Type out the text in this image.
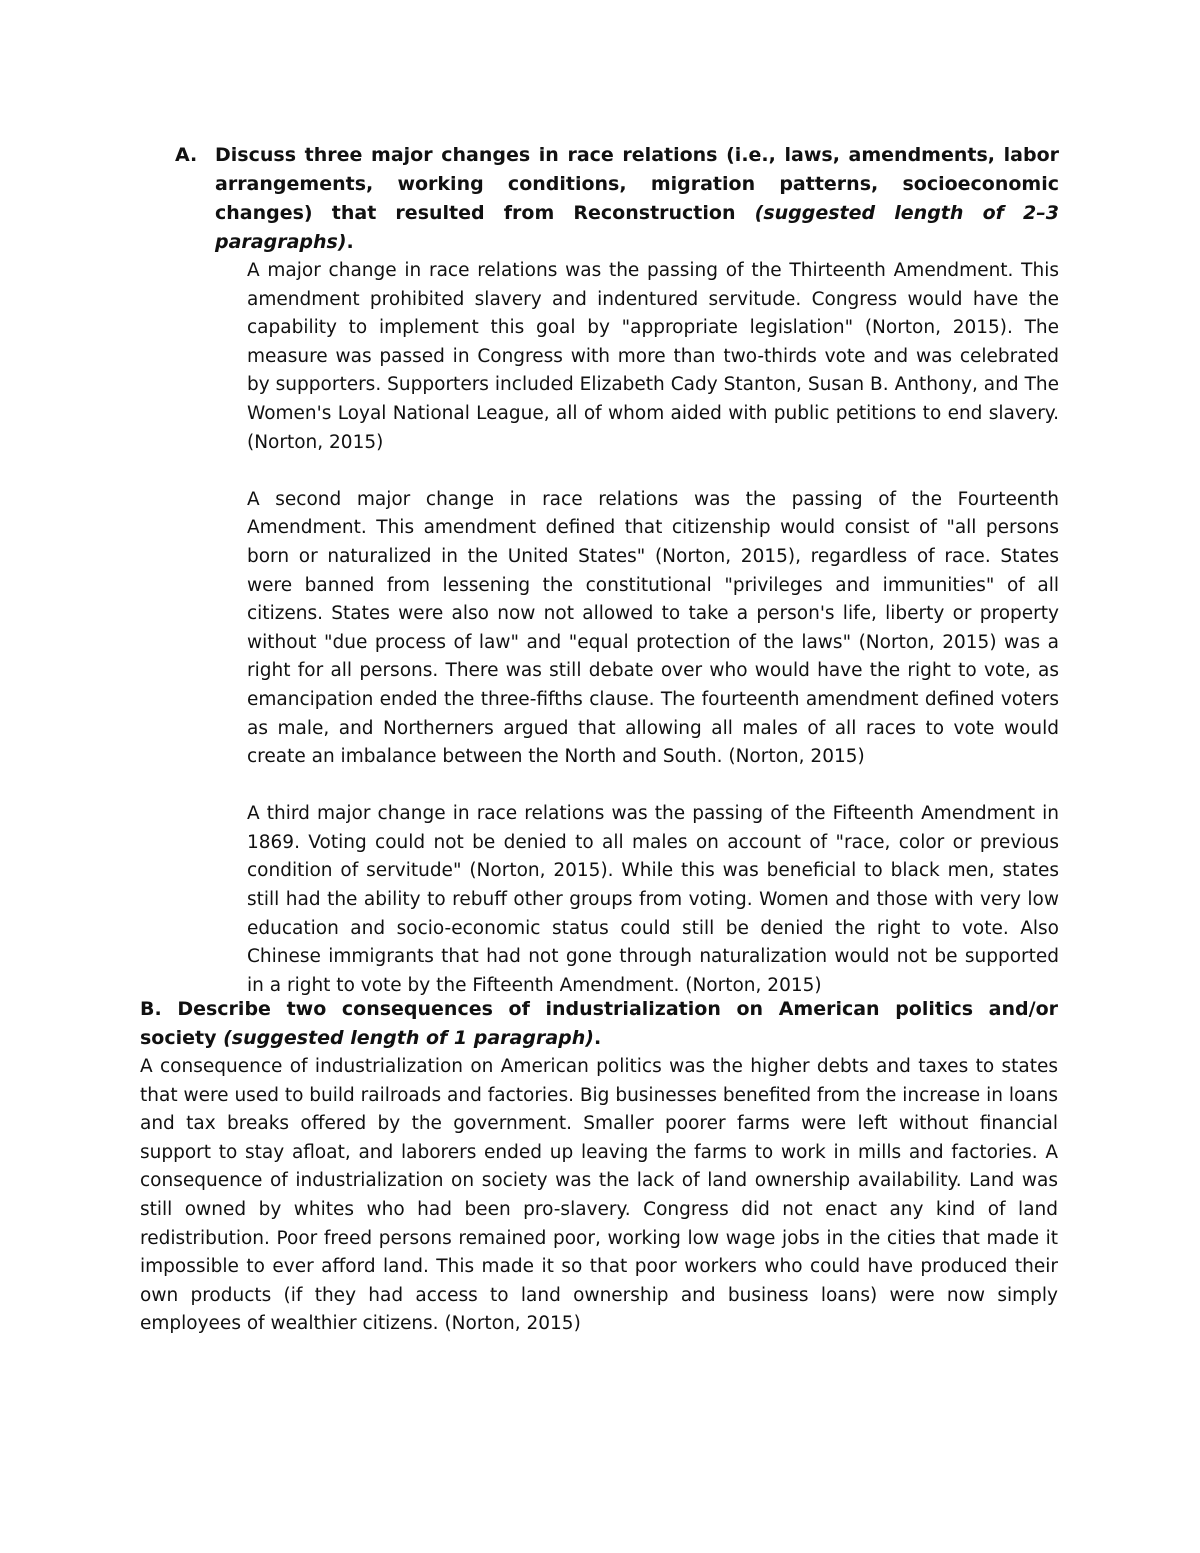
A. Discuss three major changes in race relations (i.e., laws, amendments, labor arrangements, working conditions, migration patterns, socioeconomic changes) that resulted from Reconstruction (suggested length of 2–3 paragraphs).

A major change in race relations was the passing of the Thirteenth Amendment. This amendment prohibited slavery and indentured servitude. Congress would have the capability to implement this goal by "appropriate legislation" (Norton, 2015). The measure was passed in Congress with more than two-thirds vote and was celebrated by supporters. Supporters included Elizabeth Cady Stanton, Susan B. Anthony, and The Women's Loyal National League, all of whom aided with public petitions to end slavery. (Norton, 2015)

A second major change in race relations was the passing of the Fourteenth Amendment. This amendment defined that citizenship would consist of "all persons born or naturalized in the United States" (Norton, 2015), regardless of race. States were banned from lessening the constitutional "privileges and immunities" of all citizens. States were also now not allowed to take a person's life, liberty or property without "due process of law" and "equal protection of the laws" (Norton, 2015) was a right for all persons. There was still debate over who would have the right to vote, as emancipation ended the three-fifths clause. The fourteenth amendment defined voters as male, and Northerners argued that allowing all males of all races to vote would create an imbalance between the North and South. (Norton, 2015)

A third major change in race relations was the passing of the Fifteenth Amendment in 1869. Voting could not be denied to all males on account of "race, color or previous condition of servitude" (Norton, 2015). While this was beneficial to black men, states still had the ability to rebuff other groups from voting. Women and those with very low education and socio-economic status could still be denied the right to vote. Also Chinese immigrants that had not gone through naturalization would not be supported in a right to vote by the Fifteenth Amendment. (Norton, 2015)

B. Describe two consequences of industrialization on American politics and/or society (suggested length of 1 paragraph).

A consequence of industrialization on American politics was the higher debts and taxes to states that were used to build railroads and factories. Big businesses benefited from the increase in loans and tax breaks offered by the government. Smaller poorer farms were left without financial support to stay afloat, and laborers ended up leaving the farms to work in mills and factories. A consequence of industrialization on society was the lack of land ownership availability. Land was still owned by whites who had been pro-slavery. Congress did not enact any kind of land redistribution. Poor freed persons remained poor, working low wage jobs in the cities that made it impossible to ever afford land. This made it so that poor workers who could have produced their own products (if they had access to land ownership and business loans) were now simply employees of wealthier citizens. (Norton, 2015)
